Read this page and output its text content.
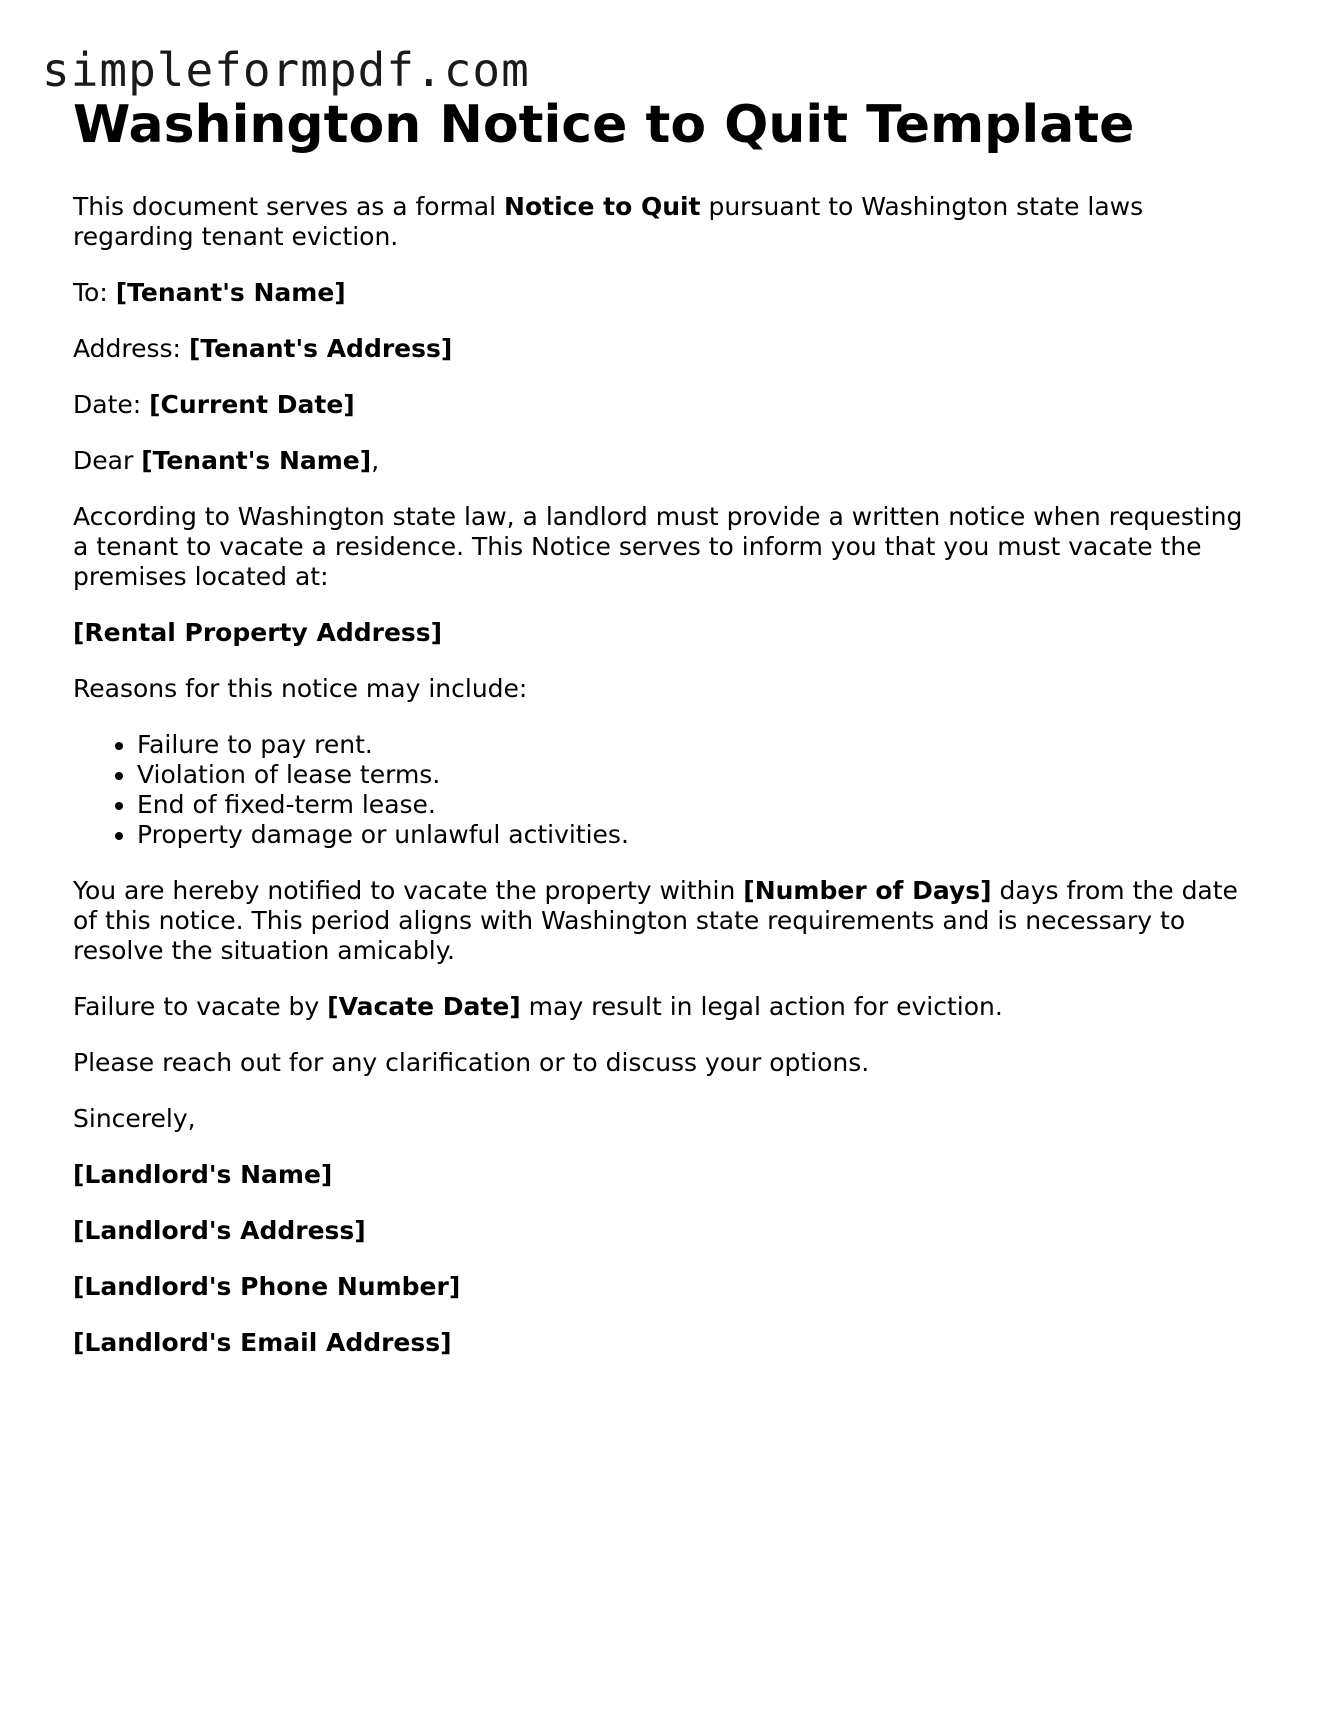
simpleformpdf.com
Washington Notice to Quit Template

This document serves as a formal Notice to Quit pursuant to Washington state laws regarding tenant eviction.

To: [Tenant's Name]

Address: [Tenant's Address]

Date: [Current Date]

Dear [Tenant's Name],

According to Washington state law, a landlord must provide a written notice when requesting a tenant to vacate a residence. This Notice serves to inform you that you must vacate the premises located at:

[Rental Property Address]

Reasons for this notice may include:

• Failure to pay rent.
• Violation of lease terms.
• End of fixed-term lease.
• Property damage or unlawful activities.

You are hereby notified to vacate the property within [Number of Days] days from the date of this notice. This period aligns with Washington state requirements and is necessary to resolve the situation amicably.

Failure to vacate by [Vacate Date] may result in legal action for eviction.

Please reach out for any clarification or to discuss your options.

Sincerely,

[Landlord's Name]

[Landlord's Address]

[Landlord's Phone Number]

[Landlord's Email Address]
